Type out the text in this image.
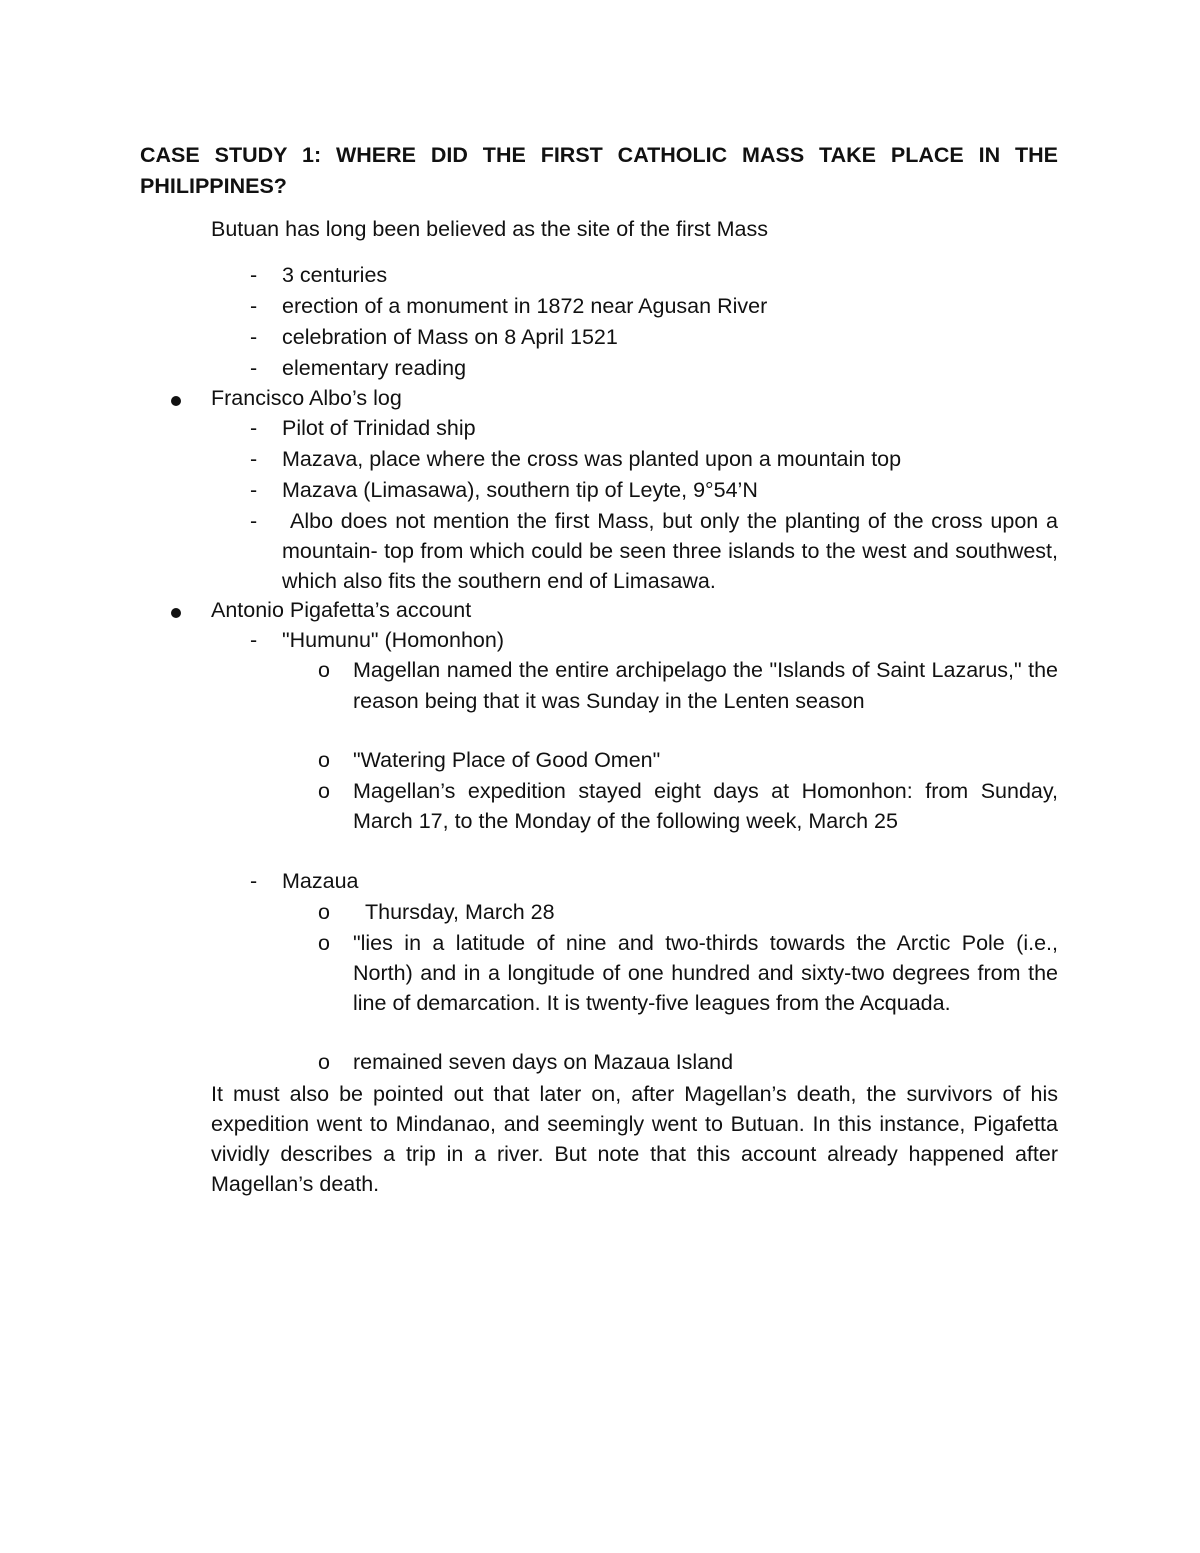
CASE STUDY 1: WHERE DID THE FIRST CATHOLIC MASS TAKE PLACE IN THE PHILIPPINES?
Butuan has long been believed as the site of the first Mass
- 3 centuries
- erection of a monument in 1872 near Agusan River
- celebration of Mass on 8 April 1521
- elementary reading
Francisco Albo’s log
- Pilot of Trinidad ship
- Mazava, place where the cross was planted upon a mountain top
- Mazava (Limasawa), southern tip of Leyte, 9°54’N
-	Albo does not mention the first Mass, but only the planting of the cross upon a mountain- top from which could be seen three islands to the west and southwest, which also fits the southern end of Limasawa.
Antonio Pigafetta’s account
- "Humunu" (Homonhon)
o Magellan named the entire archipelago the "Islands of Saint Lazarus," the reason being that it was Sunday in the Lenten season
o "Watering Place of Good Omen"
o Magellan’s expedition stayed eight days at Homonhon: from Sunday, March 17, to the Monday of the following week, March 25
- Mazaua
o	Thursday, March 28
o "lies in a latitude of nine and two-thirds towards the Arctic Pole (i.e., North) and in a longitude of one hundred and sixty-two degrees from the line of demarcation. It is twenty-five leagues from the Acquada.
o remained seven days on Mazaua Island

It must also be pointed out that later on, after Magellan’s death, the survivors of his expedition went to Mindanao, and seemingly went to Butuan. In this instance, Pigafetta vividly describes a trip in a river. But note that this account already happened after Magellan’s death.
